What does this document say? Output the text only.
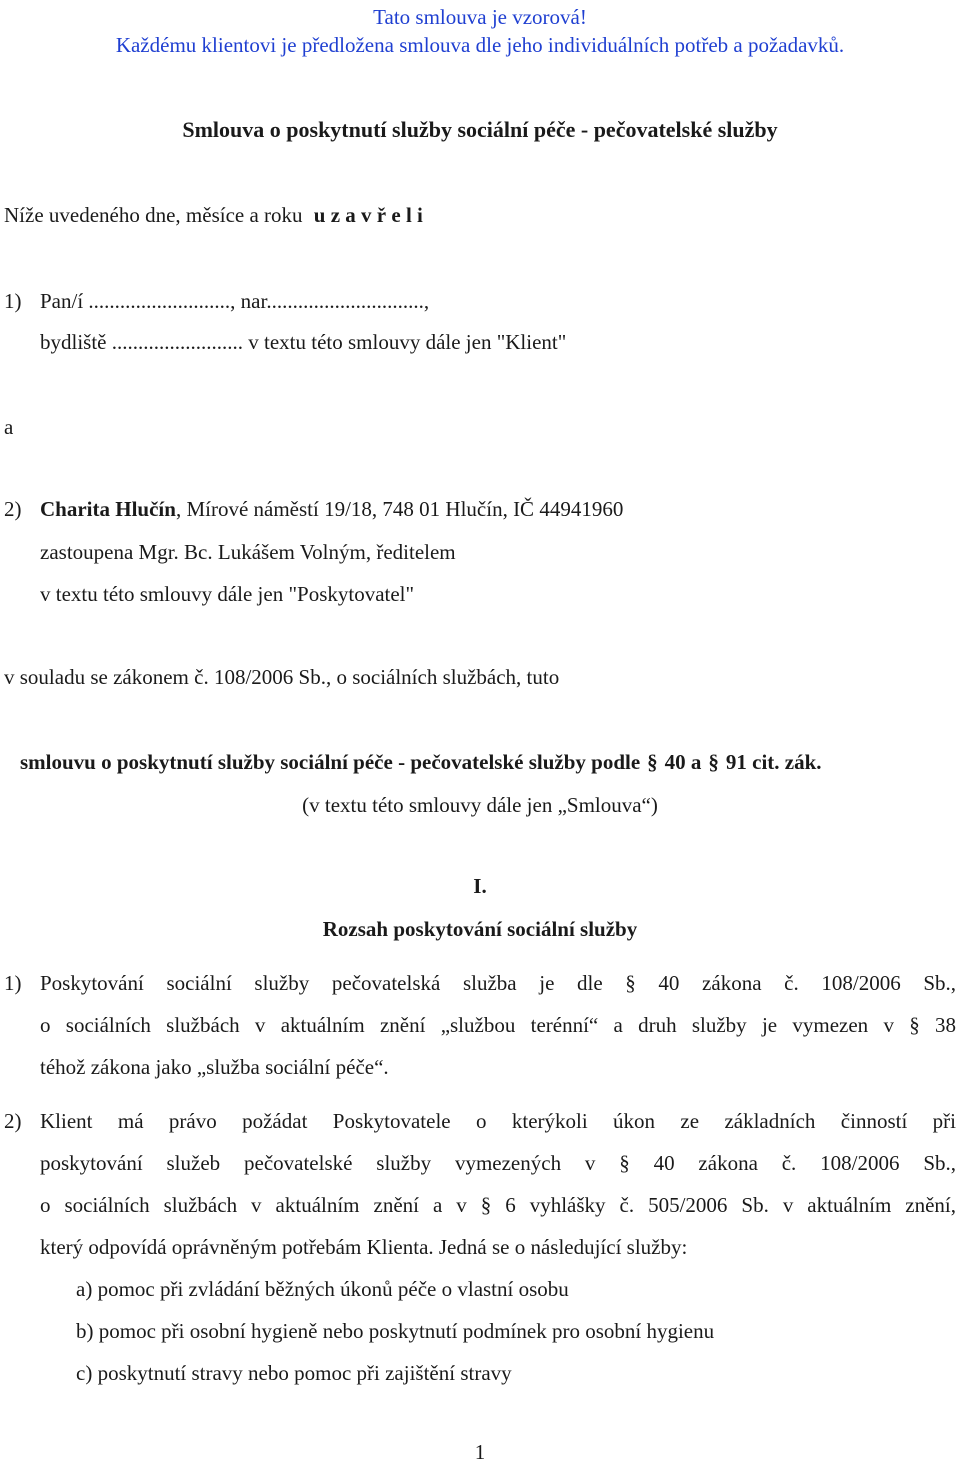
Tato smlouva je vzorová!
Každému klientovi je předložena smlouva dle jeho individuálních potřeb a požadavků.
Smlouva o poskytnutí služby sociální péče - pečovatelské služby
Níže uvedeného dne, měsíce a roku u z a v ř e l i
1) Pan/í ..........................., nar..............................,
bydliště ......................... v textu této smlouvy dále jen "Klient"
a
2) Charita Hlučín, Mírové náměstí 19/18, 748 01 Hlučín, IČ 44941960
zastoupena Mgr. Bc. Lukášem Volným, ředitelem
v textu této smlouvy dále jen "Poskytovatel"
v souladu se zákonem č. 108/2006 Sb., o sociálních službách, tuto
smlouvu o poskytnutí služby sociální péče - pečovatelské služby podle § 40 a § 91 cit. zák.
(v textu této smlouvy dále jen „Smlouva“)
I.
Rozsah poskytování sociální služby
1) Poskytování sociální služby pečovatelská služba je dle § 40 zákona č. 108/2006 Sb.,
o sociálních službách v aktuálním znění „službou terénní“ a druh služby je vymezen v § 38
téhož zákona jako „služba sociální péče“.
2) Klient má právo požádat Poskytovatele o kterýkoli úkon ze základních činností při
poskytování služeb pečovatelské služby vymezených v § 40 zákona č. 108/2006 Sb.,
o sociálních službách v aktuálním znění a v § 6 vyhlášky č. 505/2006 Sb. v aktuálním znění,
který odpovídá oprávněným potřebám Klienta. Jedná se o následující služby:
a) pomoc při zvládání běžných úkonů péče o vlastní osobu
b) pomoc při osobní hygieně nebo poskytnutí podmínek pro osobní hygienu
c) poskytnutí stravy nebo pomoc při zajištění stravy
1
